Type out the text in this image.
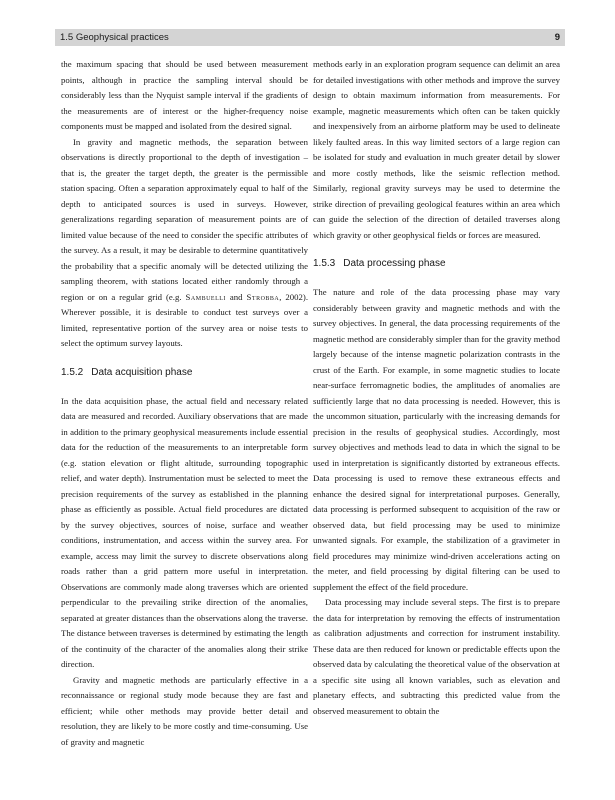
1.5 Geophysical practices	9

the maximum spacing that should be used between measurement points, although in practice the sampling interval should be considerably less than the Nyquist sample interval if the gradients of the measurements are of interest or the higher-frequency noise components must be mapped and isolated from the desired signal.

In gravity and magnetic methods, the separation between observations is directly proportional to the depth of investigation – that is, the greater the target depth, the greater is the permissible station spacing. Often a separation approximately equal to half of the depth to anticipated sources is used in surveys. However, generalizations regarding separation of measurement points are of limited value because of the need to consider the specific attributes of the survey. As a result, it may be desirable to determine quantitatively the probability that a specific anomaly will be detected utilizing the sampling theorem, with stations located either randomly through a region or on a regular grid (e.g. Sambuelli and Strobba, 2002). Wherever possible, it is desirable to conduct test surveys over a limited, representative portion of the survey area or noise tests to select the optimum survey layouts.

1.5.2 Data acquisition phase

In the data acquisition phase, the actual field and necessary related data are measured and recorded. Auxiliary observations that are made in addition to the primary geophysical measurements include essential data for the reduction of the measurements to an interpretable form (e.g. station elevation or flight altitude, surrounding topographic relief, and water depth). Instrumentation must be selected to meet the precision requirements of the survey as established in the planning phase as efficiently as possible. Actual field procedures are dictated by the survey objectives, sources of noise, surface and weather conditions, instrumentation, and access within the survey area. For example, access may limit the survey to discrete observations along roads rather than a grid pattern more useful in interpretation. Observations are commonly made along traverses which are oriented perpendicular to the prevailing strike direction of the anomalies, separated at greater distances than the observations along the traverse. The distance between traverses is determined by estimating the length of the continuity of the character of the anomalies along their strike direction.

Gravity and magnetic methods are particularly effective in a reconnaissance or regional study mode because they are fast and efficient; while other methods may provide better detail and resolution, they are likely to be more costly and time-consuming. Use of gravity and magnetic

methods early in an exploration program sequence can delimit an area for detailed investigations with other methods and improve the survey design to obtain maximum information from measurements. For example, magnetic measurements which often can be taken quickly and inexpensively from an airborne platform may be used to delineate likely faulted areas. In this way limited sectors of a large region can be isolated for study and evaluation in much greater detail by slower and more costly methods, like the seismic reflection method. Similarly, regional gravity surveys may be used to determine the strike direction of prevailing geological features within an area which can guide the selection of the direction of detailed traverses along which gravity or other geophysical fields or forces are measured.

1.5.3 Data processing phase

The nature and role of the data processing phase may vary considerably between gravity and magnetic methods and with the survey objectives. In general, the data processing requirements of the magnetic method are considerably simpler than for the gravity method largely because of the intense magnetic polarization contrasts in the crust of the Earth. For example, in some magnetic studies to locate near-surface ferromagnetic bodies, the amplitudes of anomalies are sufficiently large that no data processing is needed. However, this is the uncommon situation, particularly with the increasing demands for precision in the results of geophysical studies. Accordingly, most survey objectives and methods lead to data in which the signal to be used in interpretation is significantly distorted by extraneous effects. Data processing is used to remove these extraneous effects and enhance the desired signal for interpretational purposes. Generally, data processing is performed subsequent to acquisition of the raw or observed data, but field processing may be used to minimize unwanted signals. For example, the stabilization of a gravimeter in field procedures may minimize wind-driven accelerations acting on the meter, and field processing by digital filtering can be used to supplement the effect of the field procedure.

Data processing may include several steps. The first is to prepare the data for interpretation by removing the effects of instrumentation as calibration adjustments and correction for instrument instability. These data are then reduced for known or predictable effects upon the observed data by calculating the theoretical value of the observation at a specific site using all known variables, such as elevation and planetary effects, and subtracting this predicted value from the observed measurement to obtain the
